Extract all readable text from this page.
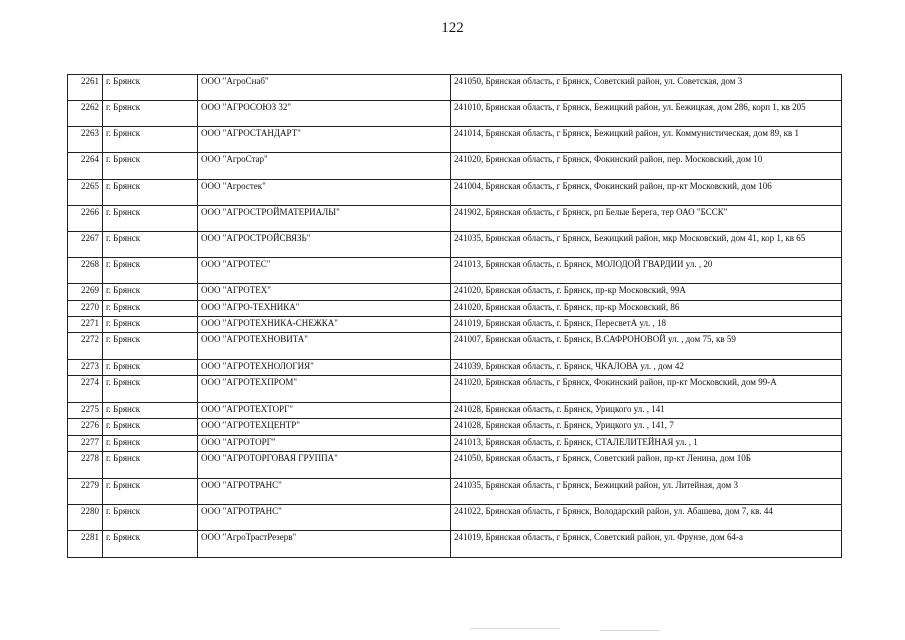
122
2261	г. Брянск	ООО "АгроСнаб"	241050, Брянская область, г Брянск, Советский район, ул. Советская, дом 3
2262	г. Брянск	ООО "АГРОСОЮЗ 32"	241010, Брянская область, г Брянск, Бежицкий район, ул. Бежицкая, дом 286, корп 1, кв 205
2263	г. Брянск	ООО "АГРОСТАНДАРТ"	241014, Брянская область, г Брянск, Бежицкий район, ул. Коммунистическая, дом 89, кв 1
2264	г. Брянск	ООО "АгроСтар"	241020, Брянская область, г Брянск, Фокинский район, пер. Московский, дом 10
2265	г. Брянск	ООО "Агростек"	241004, Брянская область, г Брянск, Фокинский район, пр-кт Московский, дом 106
2266	г. Брянск	ООО "АГРОСТРОЙМАТЕРИАЛЫ"	241902, Брянская область, г Брянск, рп Белые Берега, тер ОАО "БССК"
2267	г. Брянск	ООО "АГРОСТРОЙСВЯЗЬ"	241035, Брянская область, г Брянск, Бежицкий район, мкр Московский, дом 41, кор 1, кв 65
2268	г. Брянск	ООО "АГРОТЕС"	241013, Брянская область, г. Брянск, МОЛОДОЙ ГВАРДИИ ул. , 20
2269	г. Брянск	ООО "АГРОТЕХ"	241020, Брянская область, г. Брянск, пр-кр Московский, 99А
2270	г. Брянск	ООО "АГРО-ТЕХНИКА"	241020, Брянская область, г. Брянск, пр-кр Московский, 86
2271	г. Брянск	ООО "АГРОТЕХНИКА-СНЕЖКА"	241019, Брянская область, г. Брянск, ПересветА ул. , 18
2272	г. Брянск	ООО "АГРОТЕХНОВИТА"	241007, Брянская область, г. Брянск, В.САФРОНОВОЙ ул. , дом 75, кв 59
2273	г. Брянск	ООО "АГРОТЕХНОЛОГИЯ"	241039, Брянская область, г. Брянск, ЧКАЛОВА ул. , дом 42
2274	г. Брянск	ООО "АГРОТЕХПРОМ"	241020, Брянская область, г Брянск, Фокинский район, пр-кт Московский, дом 99-А
2275	г. Брянск	ООО "АГРОТЕХТОРГ"	241028, Брянская область, г. Брянск, Урицкого ул. , 141
2276	г. Брянск	ООО "АГРОТЕХЦЕНТР"	241028, Брянская область, г. Брянск, Урицкого ул. , 141, 7
2277	г. Брянск	ООО "АГРОТОРГ"	241013, Брянская область, г. Брянск, СТАЛЕЛИТЕЙНАЯ ул. , 1
2278	г. Брянск	ООО "АГРОТОРГОВАЯ ГРУППА"	241050, Брянская область, г Брянск, Советский район, пр-кт Ленина, дом 10Б
2279	г. Брянск	ООО "АГРОТРАНС"	241035, Брянская область, г Брянск, Бежицкий район, ул. Литейная, дом 3
2280	г. Брянск	ООО "АГРОТРАНС"	241022, Брянская область, г Брянск, Володарский район, ул. Абашева, дом 7, кв. 44
2281	г. Брянск	ООО "АгроТрастРезерв"	241019, Брянская область, г Брянск, Советский район, ул. Фрунзе, дом 64-а
